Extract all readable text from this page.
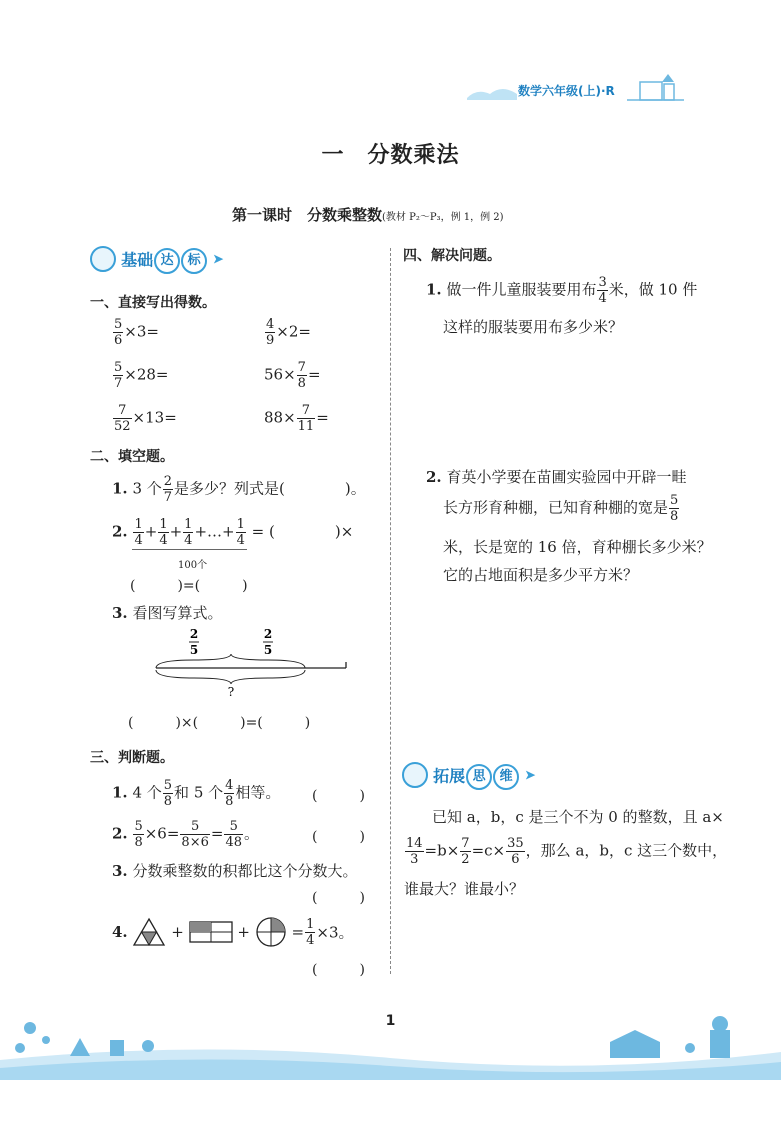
数学六年级(上)·R
一　分数乘法
第一课时　分数乘整数(教材 P₂～P₃，例 1，例 2)
基础 达 标 ➤
一、直接写出得数。
$\frac{5}{6} \times 3=$	$\frac{4}{9} \times 2=$
$\frac{5}{7} \times 28=$	$56\times \frac{7}{8}$ =
$\frac{7}{52} \times 13=$	$88\times \frac{7}{11}$ =
二、填空题。
1. 3 个 $\frac{2}{7}$ 是多少？列式是(　　　　)。
2. $\frac{1}{4} + \frac{1}{4} + \frac{1}{4}$ +…+ $\frac{1}{4}$ = (　　　　)×
100个
(　　　)=(　　　)
3. 看图写算式。
2
5
2
5
?
(　　　)×(　　　)=(　　　)
三、判断题。
1. 4 个 $\frac{5}{8}$ 和 5 个 $\frac{4}{8}$ 相等。 (　　　)
2. $\frac{5}{8} \times 6= \frac{5}{8\times 6} = \frac{5}{48}$ 。	(　　　)
3. 分数乘整数的积都比这个分数大。
(　　　)
4.	+	+	= $\frac{1}{4} \times 3$。
(　　　)
四、解决问题。
1. 做一件儿童服装要用布 $\frac{3}{4}$ 米，做 10 件
这样的服装要用布多少米？
2. 育英小学要在苗圃实验园中开辟一畦
长方形育种棚，已知育种棚的宽是 $\frac{5}{8}$
米，长是宽的 16 倍，育种棚长多少米？
它的占地面积是多少平方米？
拓展 思 维 ➤
已知 a，b，c 是三个不为 0 的整数，且 a×
$\frac{14}{3} =b\times \frac{7}{2} =c\times \frac{35}{6}$ ，那么 a，b，c 这三个数中，
谁最大？谁最小？
1
